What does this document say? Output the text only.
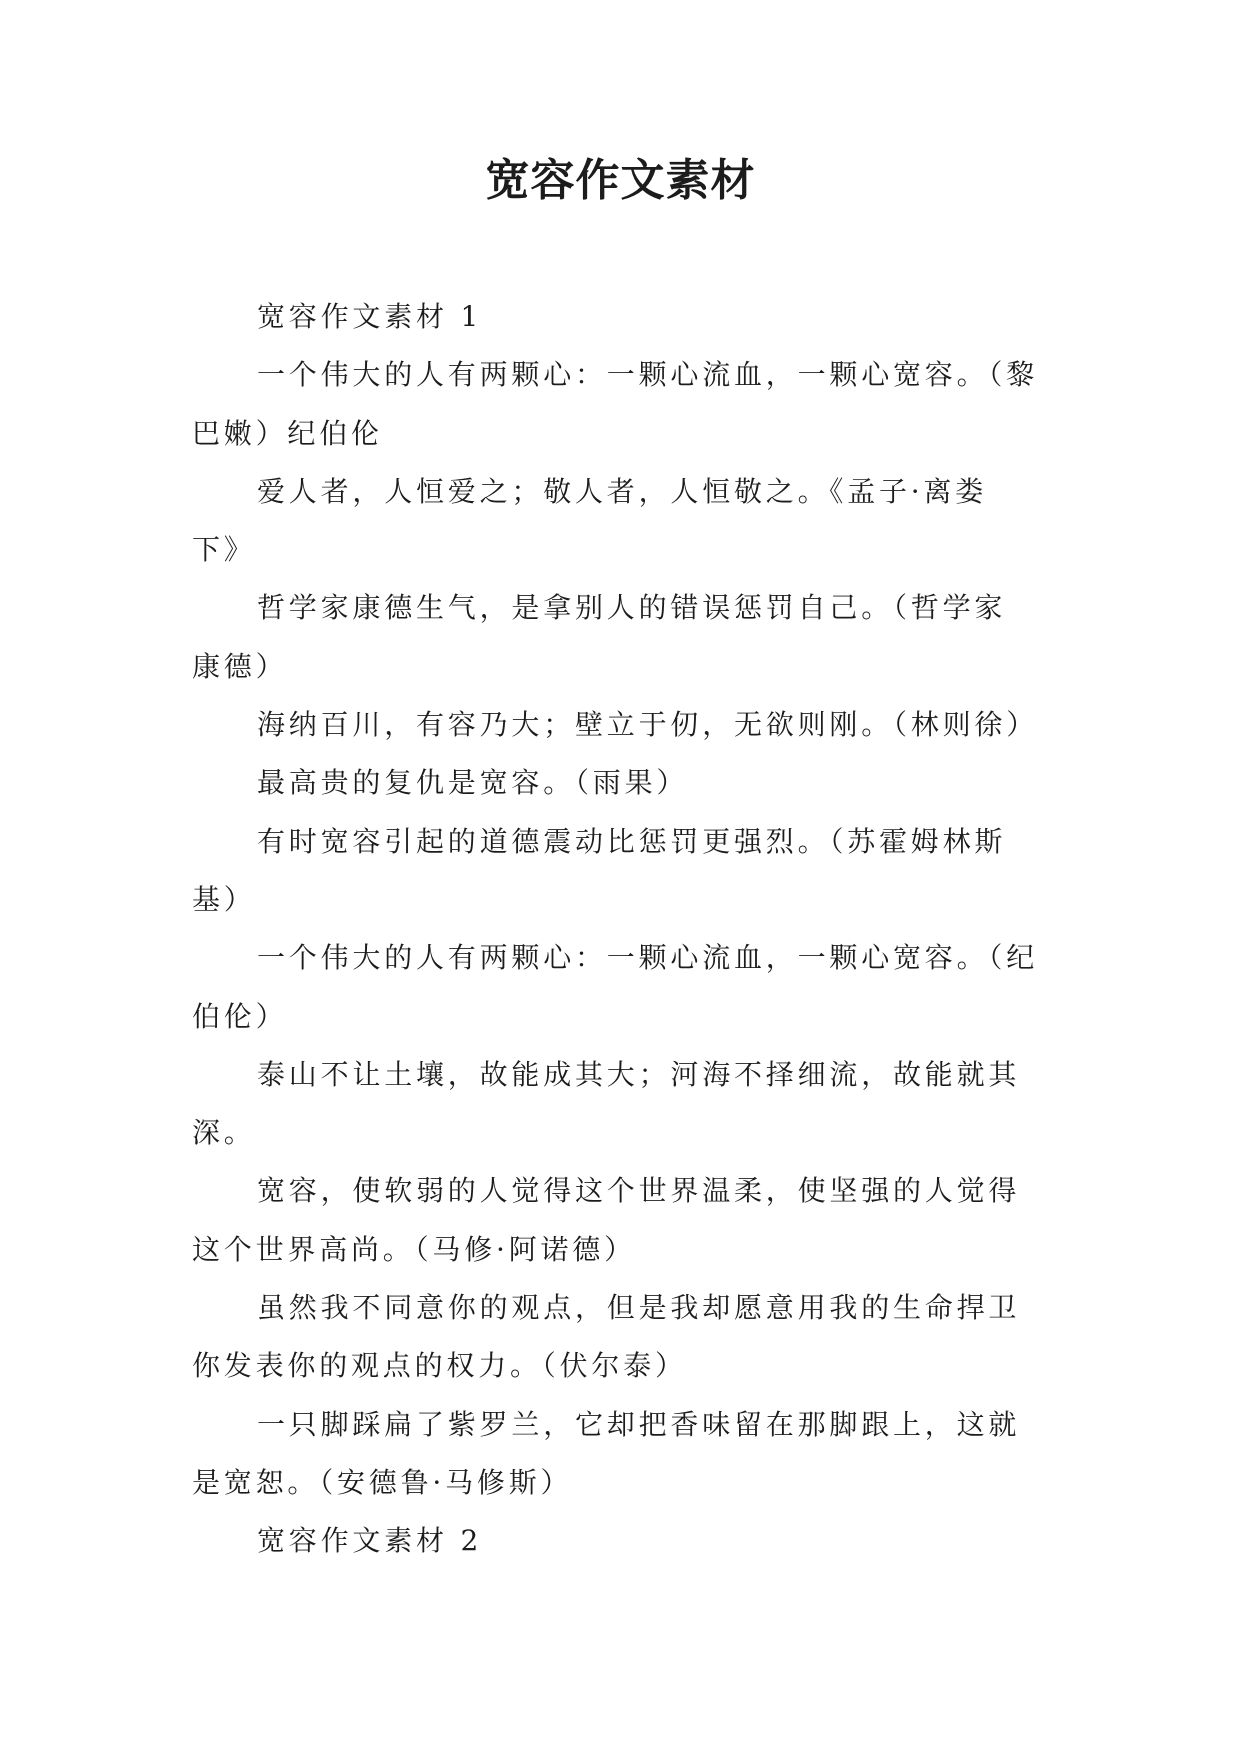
宽容作文素材
宽容作文素材 1
一个伟大的人有两颗心：一颗心流血，一颗心宽容。（黎
巴嫩）纪伯伦
爱人者，人恒爱之；敬人者，人恒敬之。《孟子·离娄
下》
哲学家康德生气，是拿别人的错误惩罚自己。（哲学家
康德）
海纳百川，有容乃大；壁立于仞，无欲则刚。（林则徐）
最高贵的复仇是宽容。（雨果）
有时宽容引起的道德震动比惩罚更强烈。（苏霍姆林斯
基）
一个伟大的人有两颗心：一颗心流血，一颗心宽容。（纪
伯伦）
泰山不让土壤，故能成其大；河海不择细流，故能就其
深。
宽容，使软弱的人觉得这个世界温柔，使坚强的人觉得
这个世界高尚。（马修·阿诺德）
虽然我不同意你的观点，但是我却愿意用我的生命捍卫
你发表你的观点的权力。（伏尔泰）
一只脚踩扁了紫罗兰，它却把香味留在那脚跟上，这就
是宽恕。（安德鲁·马修斯）
宽容作文素材 2
